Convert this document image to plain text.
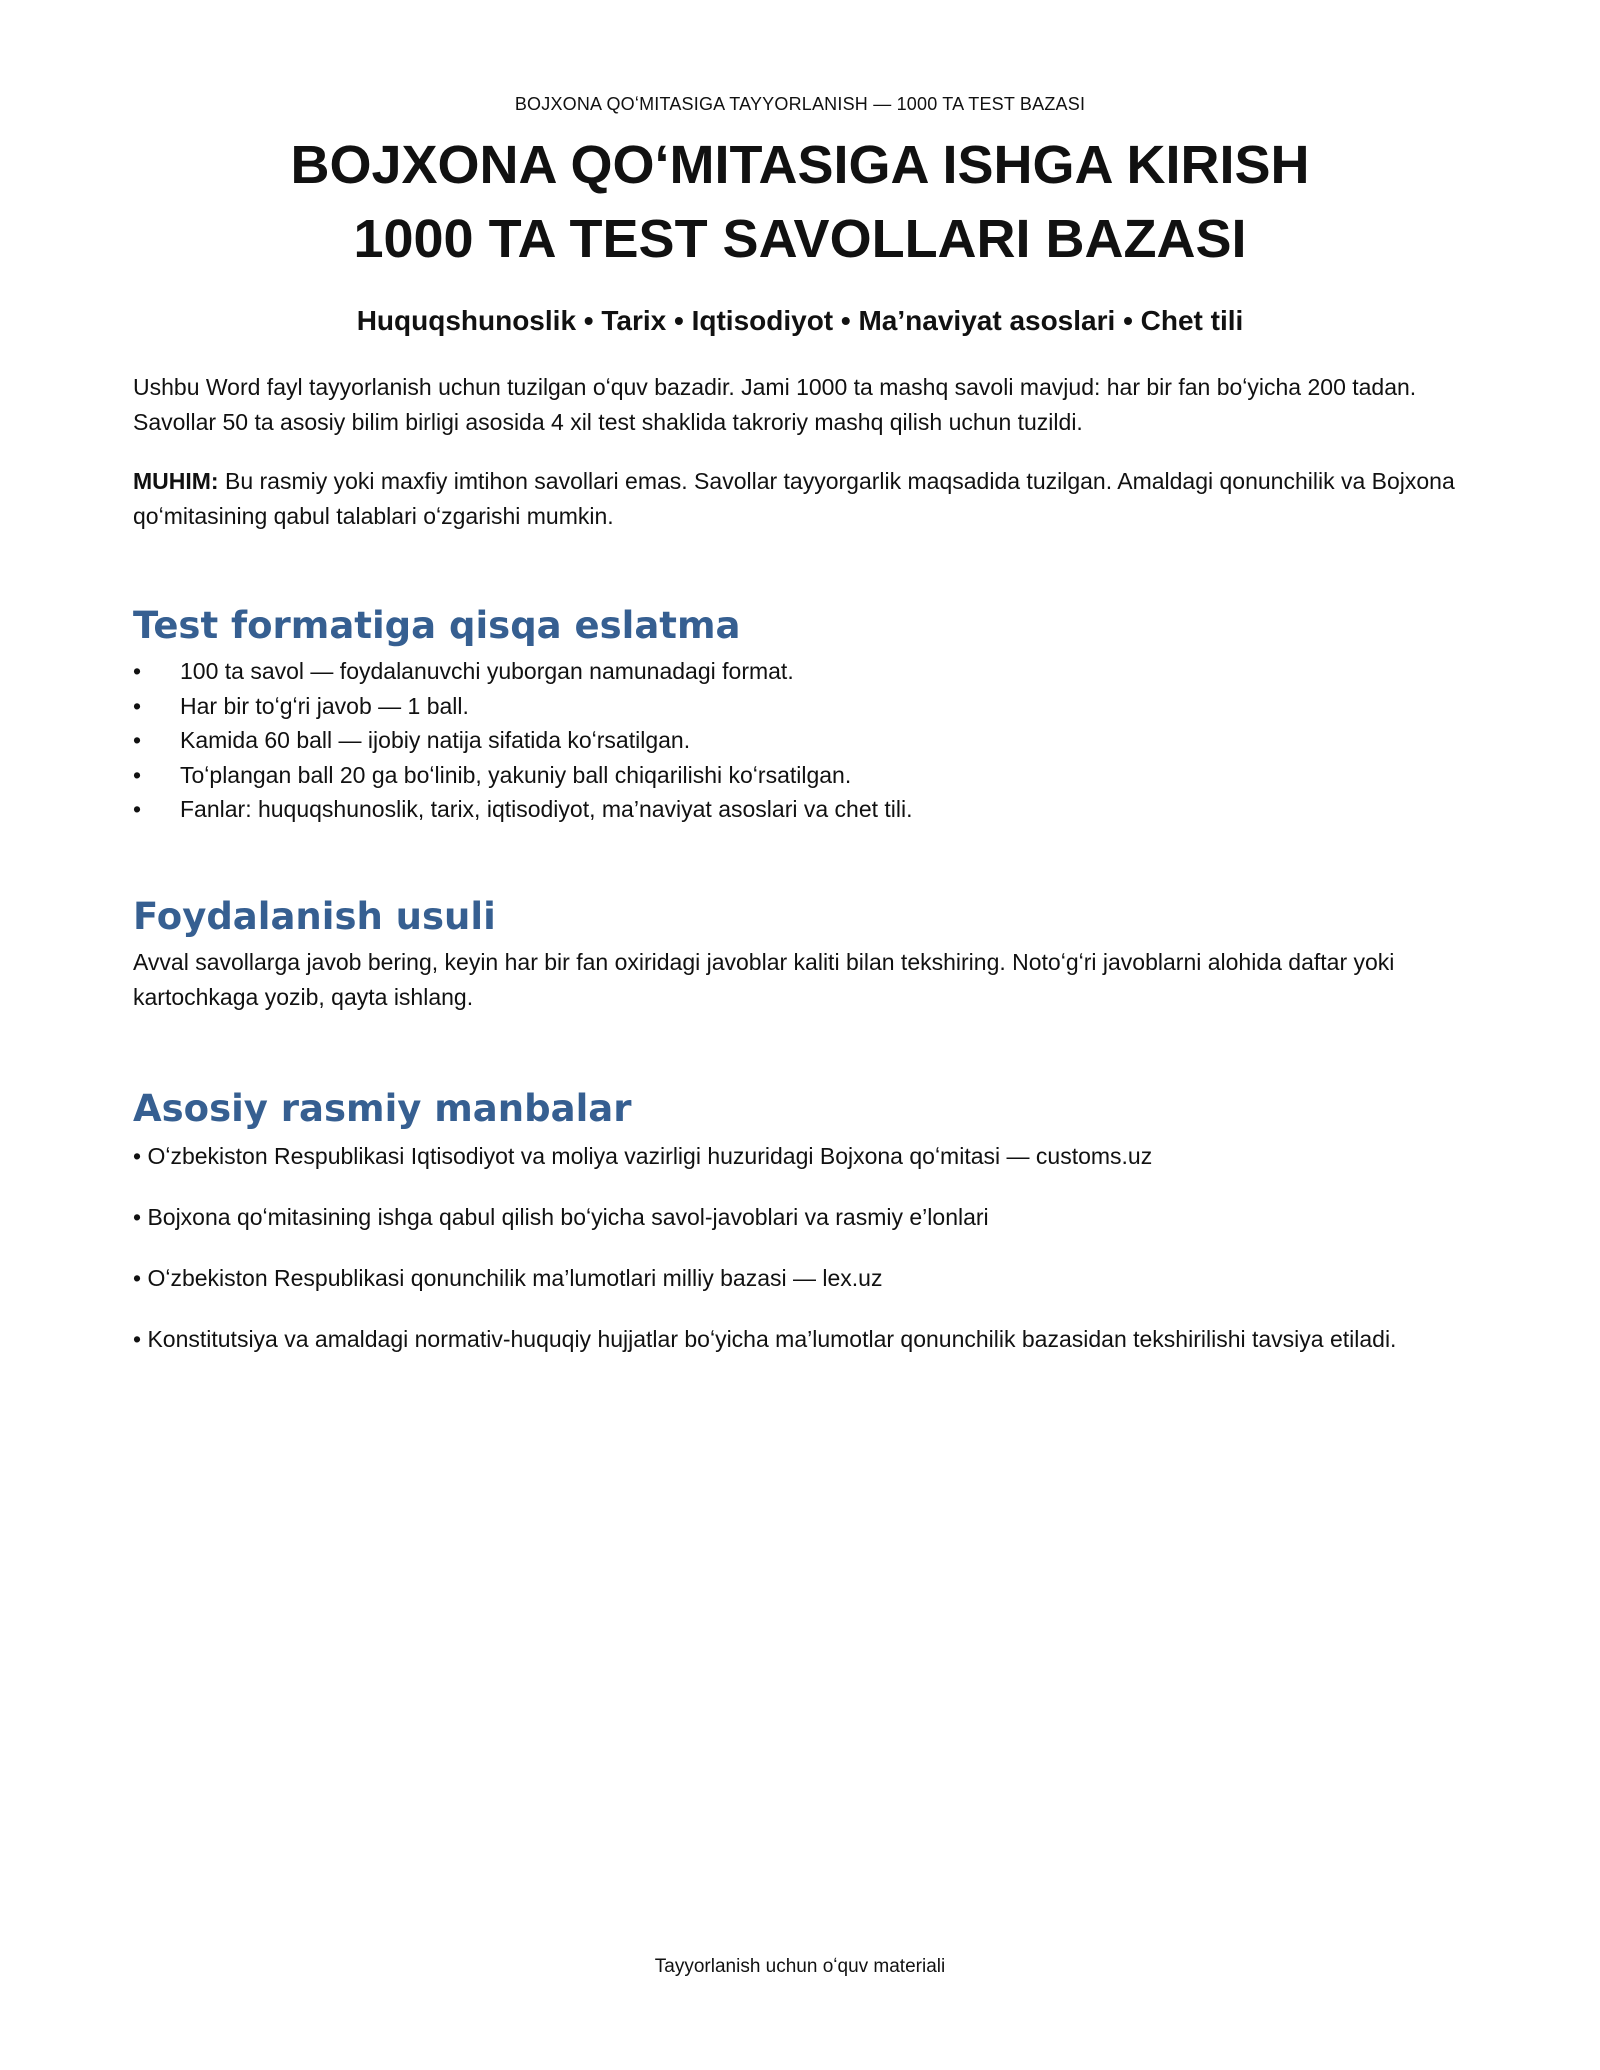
BOJXONA QOʻMITASIGA TAYYORLANISH — 1000 TA TEST BAZASI
BOJXONA QOʻMITASIGA ISHGA KIRISH
1000 TA TEST SAVOLLARI BAZASI

Huquqshunoslik • Tarix • Iqtisodiyot • Ma’naviyat asoslari • Chet tili

Ushbu Word fayl tayyorlanish uchun tuzilgan oʻquv bazadir. Jami 1000 ta mashq savoli mavjud: har bir fan boʻyicha 200 tadan. Savollar 50 ta asosiy bilim birligi asosida 4 xil test shaklida takroriy mashq qilish uchun tuzildi.

MUHIM: Bu rasmiy yoki maxfiy imtihon savollari emas. Savollar tayyorgarlik maqsadida tuzilgan. Amaldagi qonunchilik va Bojxona qoʻmitasining qabul talablari oʻzgarishi mumkin.

Test formatiga qisqa eslatma
• 100 ta savol — foydalanuvchi yuborgan namunadagi format.
• Har bir toʻgʻri javob — 1 ball.
• Kamida 60 ball — ijobiy natija sifatida koʻrsatilgan.
• Toʻplangan ball 20 ga boʻlinib, yakuniy ball chiqarilishi koʻrsatilgan.
• Fanlar: huquqshunoslik, tarix, iqtisodiyot, ma’naviyat asoslari va chet tili.
Foydalanish usuli

Avval savollarga javob bering, keyin har bir fan oxiridagi javoblar kaliti bilan tekshiring. Notoʻgʻri javoblarni alohida daftar yoki kartochkaga yozib, qayta ishlang.

Asosiy rasmiy manbalar

• Oʻzbekiston Respublikasi Iqtisodiyot va moliya vazirligi huzuridagi Bojxona qoʻmitasi — customs.uz

• Bojxona qoʻmitasining ishga qabul qilish boʻyicha savol-javoblari va rasmiy e’lonlari

• Oʻzbekiston Respublikasi qonunchilik ma’lumotlari milliy bazasi — lex.uz

• Konstitutsiya va amaldagi normativ-huquqiy hujjatlar boʻyicha ma’lumotlar qonunchilik bazasidan tekshirilishi tavsiya etiladi.

Tayyorlanish uchun oʻquv materiali
